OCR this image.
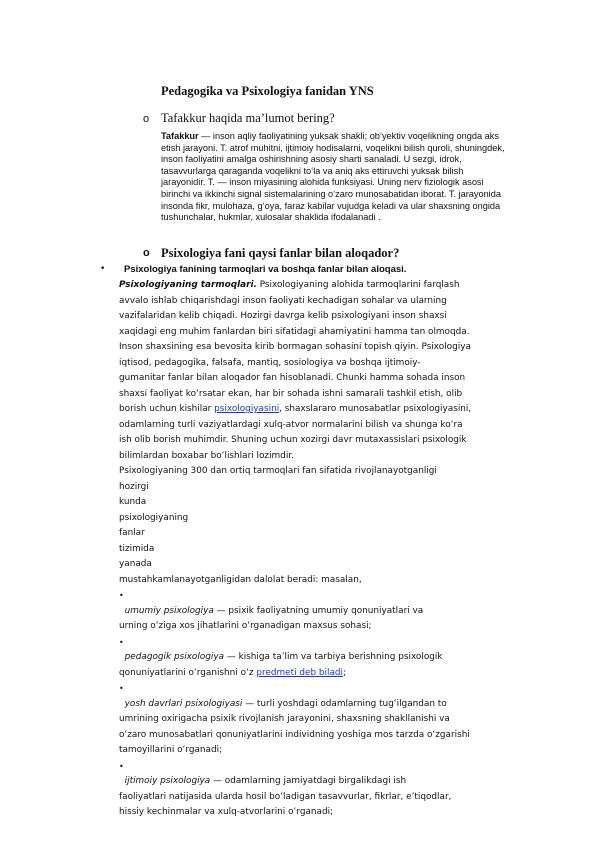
Pedagogika va Psixologiya fanidan YNS
o Tafakkur haqida ma’lumot bering?

Tafakkur — inson aqliy faoliyatining yuksak shakli; ob’yektiv voqelikning ongda aks

etish jarayoni. T. atrof muhitni, ijtimoiy hodisalarni, voqelikni bilish quroli, shuningdek,

inson faoliyatini amalga oshirishning asosiy sharti sanaladi. U sezgi, idrok,

tasavvurlarga qaraganda voqelikni toʻla va aniq aks ettiruvchi yuksak bilish

jarayonidir. T. — inson miyasining alohida funksiyasi. Uning nerv fiziologik asosi

birinchi va ikkinchi signal sistemalarining oʻzaro munosabatidan iborat. T. jarayonida

insonda fikr, mulohaza, gʻoya, faraz kabilar vujudga keladi va ular shaxsning ongida

tushunchalar, hukmlar, xulosalar shaklida ifodalanadi .

o Psixologiya fani qaysi fanlar bilan aloqador?
• Psixologiya fanining tarmoqlari va boshqa fanlar bilan aloqasi.

Psixologiyaning tarmoqlari. Psixologiyaning alohida tarmoqlarini farqlash

avvalo ishlab chiqarishdagi inson faoliyati kechadigan sohalar va ularning

vazifalaridan kelib chiqadi. Hozirgi davrga kelib psixologiyani inson shaxsi

xaqidagi eng muhim fanlardan biri sifatidagi ahamiyatini hamma tan olmoqda.

Inson shaxsining esa bevosita kirib bormagan sohasini topish qiyin. Psixologiya

iqtisod, pedagogika, falsafa, mantiq, sosiologiya va boshqa ijtimoiy-

gumanitar fanlar bilan aloqador fan hisoblanadi. Chunki hamma sohada inson

shaxsi faoliyat koʻrsatar ekan, har bir sohada ishni samarali tashkil etish, olib

borish uchun kishilar psixologiyasini, shaxslararo munosabatlar psixologiyasini,

odamlarning turli vaziyatlardagi xulq-atvor normalarini bilish va shunga koʻra

ish olib borish muhimdir. Shuning uchun xozirgi davr mutaxassislari psixologik

bilimlardan boxabar boʻlishlari lozimdir.

Psixologiyaning 300 dan ortiq tarmoqlari fan sifatida rivojlanayotganligi

hozirgi

kunda

psixologiyaning

fanlar

tizimida

yanada

mustahkamlanayotganligidan dalolat beradi: masalan,

•

umumiy psixologiya — psixik faoliyatning umumiy qonuniyatlari va

urning oʻziga xos jihatlarini oʻrganadigan maxsus sohasi;

•

pedagogik psixologiya — kishiga taʼlim va tarbiya berishning psixologik

qonuniyatlarini oʻrganishni oʻz predmeti deb biladi;

•

yosh davrlari psixologiyasi — turli yoshdagi odamlarning tugʻilgandan to

umrining oxirigacha psixik rivojlanish jarayonini, shaxsning shakllanishi va

oʻzaro munosabatlari qonuniyatlarini individning yoshiga mos tarzda oʻzgarishi

tamoyillarini oʻrganadi;

•

ijtimoiy psixologiya — odamlarning jamiyatdagi birgalikdagi ish

faoliyatlari natijasida ularda hosil boʻladigan tasavvurlar, fikrlar, eʼtiqodlar,

hissiy kechinmalar va xulq-atvorlarini oʻrganadi;
